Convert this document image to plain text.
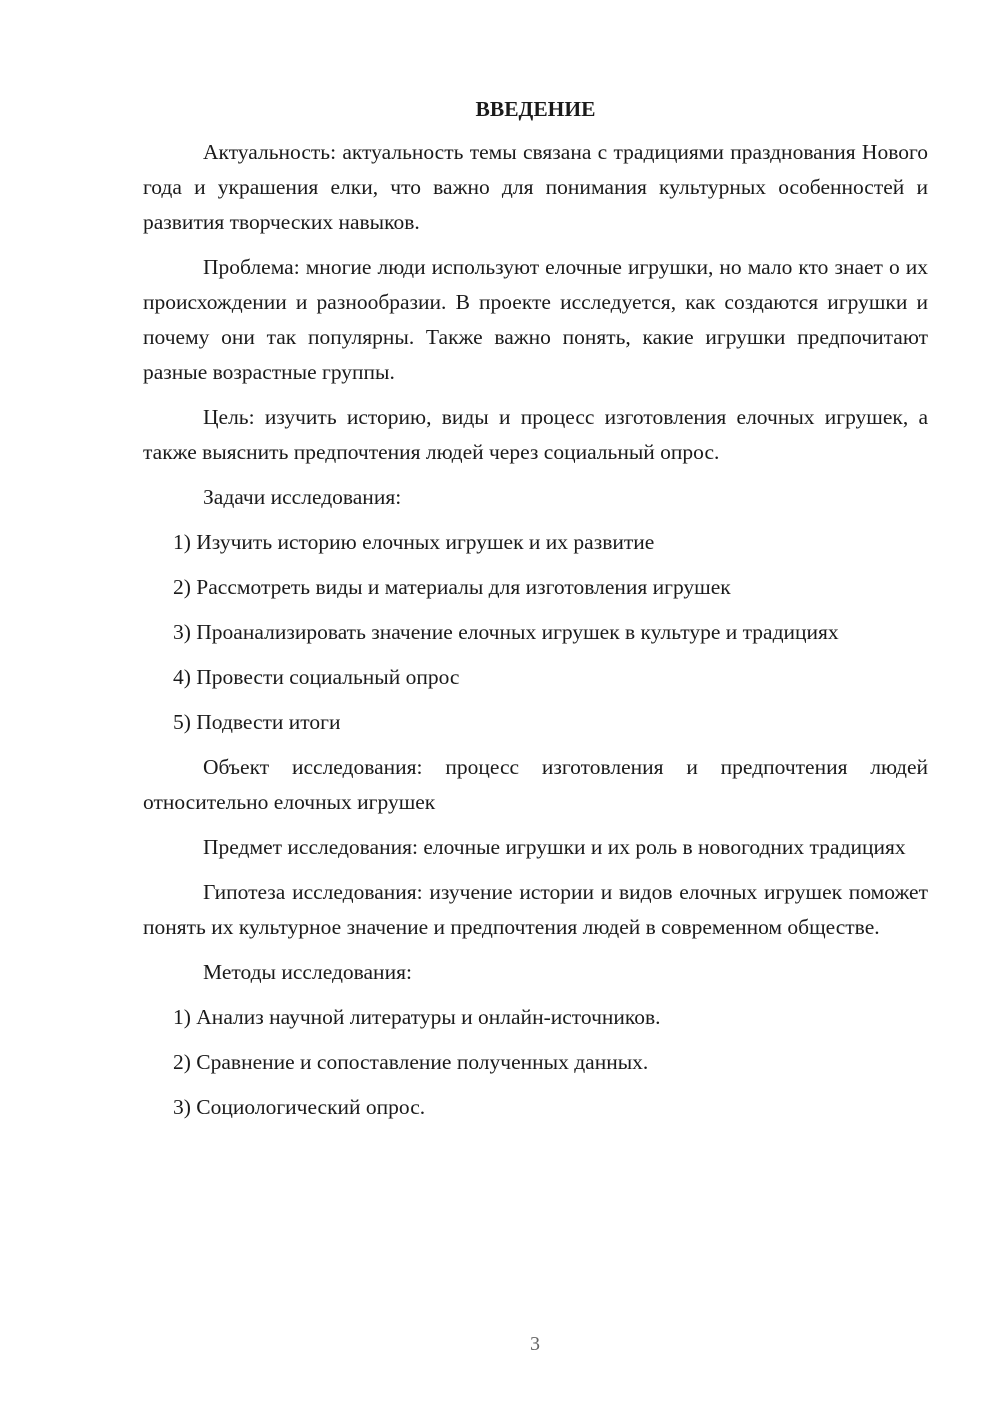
ВВЕДЕНИЕ

Актуальность: актуальность темы связана с традициями празднования Нового года и украшения елки, что важно для понимания культурных особенностей и развития творческих навыков.

Проблема: многие люди используют елочные игрушки, но мало кто знает о их происхождении и разнообразии. В проекте исследуется, как создаются игрушки и почему они так популярны. Также важно понять, какие игрушки предпочитают разные возрастные группы.

Цель: изучить историю, виды и процесс изготовления елочных игрушек, а также выяснить предпочтения людей через социальный опрос.

Задачи исследования:

1) Изучить историю елочных игрушек и их развитие

2) Рассмотреть виды и материалы для изготовления игрушек

3) Проанализировать значение елочных игрушек в культуре и традициях

4) Провести социальный опрос

5) Подвести итоги

Объект исследования: процесс изготовления и предпочтения людей относительно елочных игрушек

Предмет исследования: елочные игрушки и их роль в новогодних традициях

Гипотеза исследования: изучение истории и видов елочных игрушек поможет понять их культурное значение и предпочтения людей в современном обществе.

Методы исследования:

1) Анализ научной литературы и онлайн-источников.

2) Сравнение и сопоставление полученных данных.

3) Социологический опрос.

3
